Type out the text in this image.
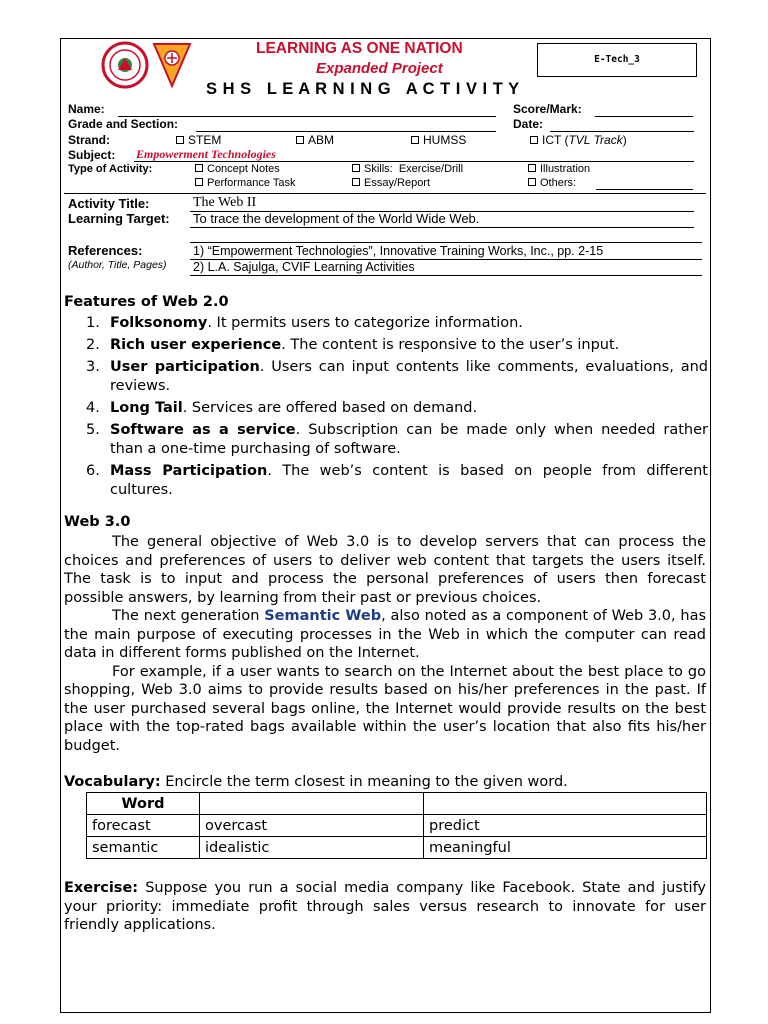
LEARNING AS ONE NATION
Expanded Project
S H S   L E A R N I N G   A C T I V I T Y
E-Tech_3
Name:	Score/Mark:
Grade and Section:	Date:
Strand:	STEM	ABM	HUMSS	ICT (TVL Track)
Subject: Empowerment Technologies
Type of Activity:	Concept Notes	Skills:  Exercise/Drill	Illustration
Performance Task	Essay/Report	Others:
Activity Title:	The Web II
Learning Target: To trace the development of the World Wide Web.
References:
(Author, Title, Pages)
1) “Empowerment Technologies”, Innovative Training Works, Inc., pp. 2-15
2) L.A. Sajulga, CVIF Learning Activities
Features of Web 2.0
1. Folksonomy. It permits users to categorize information.
2. Rich user experience. The content is responsive to the user’s input.
3. User participation. Users can input contents like comments, evaluations, and reviews.
4. Long Tail. Services are offered based on demand.
5. Software as a service. Subscription can be made only when needed rather than a one-time purchasing of software.
6. Mass Participation. The web’s content is based on people from different cultures.
Web 3.0

The general objective of Web 3.0 is to develop servers that can process the choices and preferences of users to deliver web content that targets the users itself. The task is to input and process the personal preferences of users then forecast possible answers, by learning from their past or previous choices.

The next generation Semantic Web, also noted as a component of Web 3.0, has the main purpose of executing processes in the Web in which the computer can read data in different forms published on the Internet.

For example, if a user wants to search on the Internet about the best place to go shopping, Web 3.0 aims to provide results based on his/her preferences in the past. If the user purchased several bags online, the Internet would provide results on the best place with the top-rated bags available within the user’s location that also fits his/her budget.

Vocabulary: Encircle the term closest in meaning to the given word.
Word		
forecast	overcast	predict
semantic	idealistic	meaningful
Exercise: Suppose you run a social media company like Facebook. State and justify your priority: immediate profit through sales versus research to innovate for user friendly applications.
